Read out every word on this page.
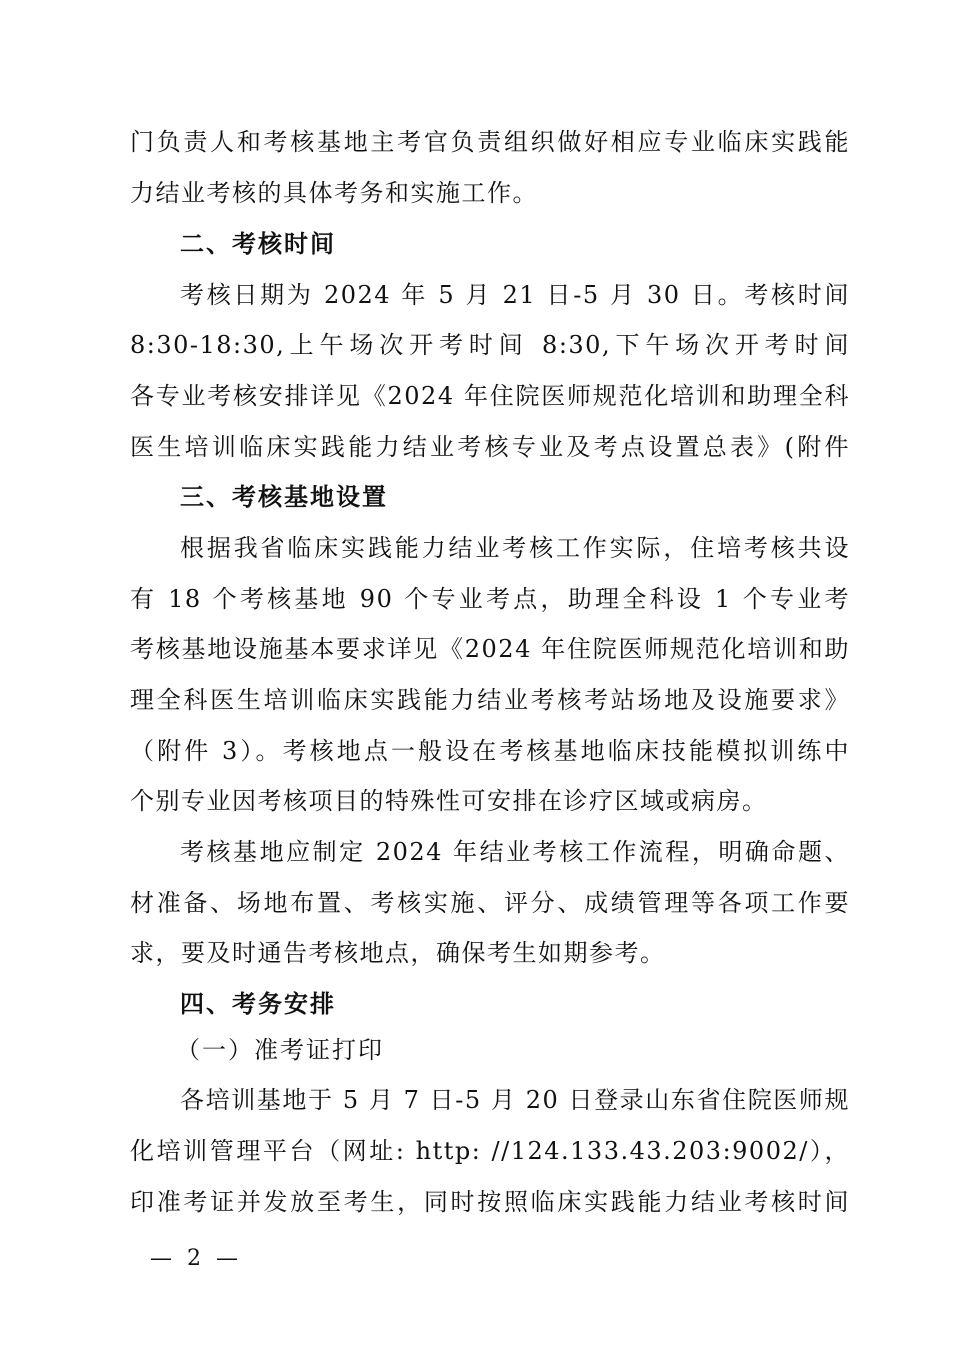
门负责人和考核基地主考官负责组织做好相应专业临床实践能
力结业考核的具体考务和实施工作。
二、考核时间
考核日期为 2024 年 5 月 21 日-5 月 30 日。考核时间
8:30-18:30,上午场次开考时间 8:30,下午场次开考时间
各专业考核安排详见《2024 年住院医师规范化培训和助理全科
医生培训临床实践能力结业考核专业及考点设置总表》(附件
三、考核基地设置
根据我省临床实践能力结业考核工作实际，住培考核共设
有 18 个考核基地 90 个专业考点，助理全科设 1 个专业考
考核基地设施基本要求详见《2024 年住院医师规范化培训和助
理全科医生培训临床实践能力结业考核考站场地及设施要求》
（附件 3）。考核地点一般设在考核基地临床技能模拟训练中
个别专业因考核项目的特殊性可安排在诊疗区域或病房。
考核基地应制定 2024 年结业考核工作流程，明确命题、
材准备、场地布置、考核实施、评分、成绩管理等各项工作要
求，要及时通告考核地点，确保考生如期参考。
四、考务安排
（一）准考证打印
各培训基地于 5 月 7 日-5 月 20 日登录山东省住院医师规
化培训管理平台（网址: http: //124.133.43.203:9002/），
印准考证并发放至考生，同时按照临床实践能力结业考核时间
— 2 —
